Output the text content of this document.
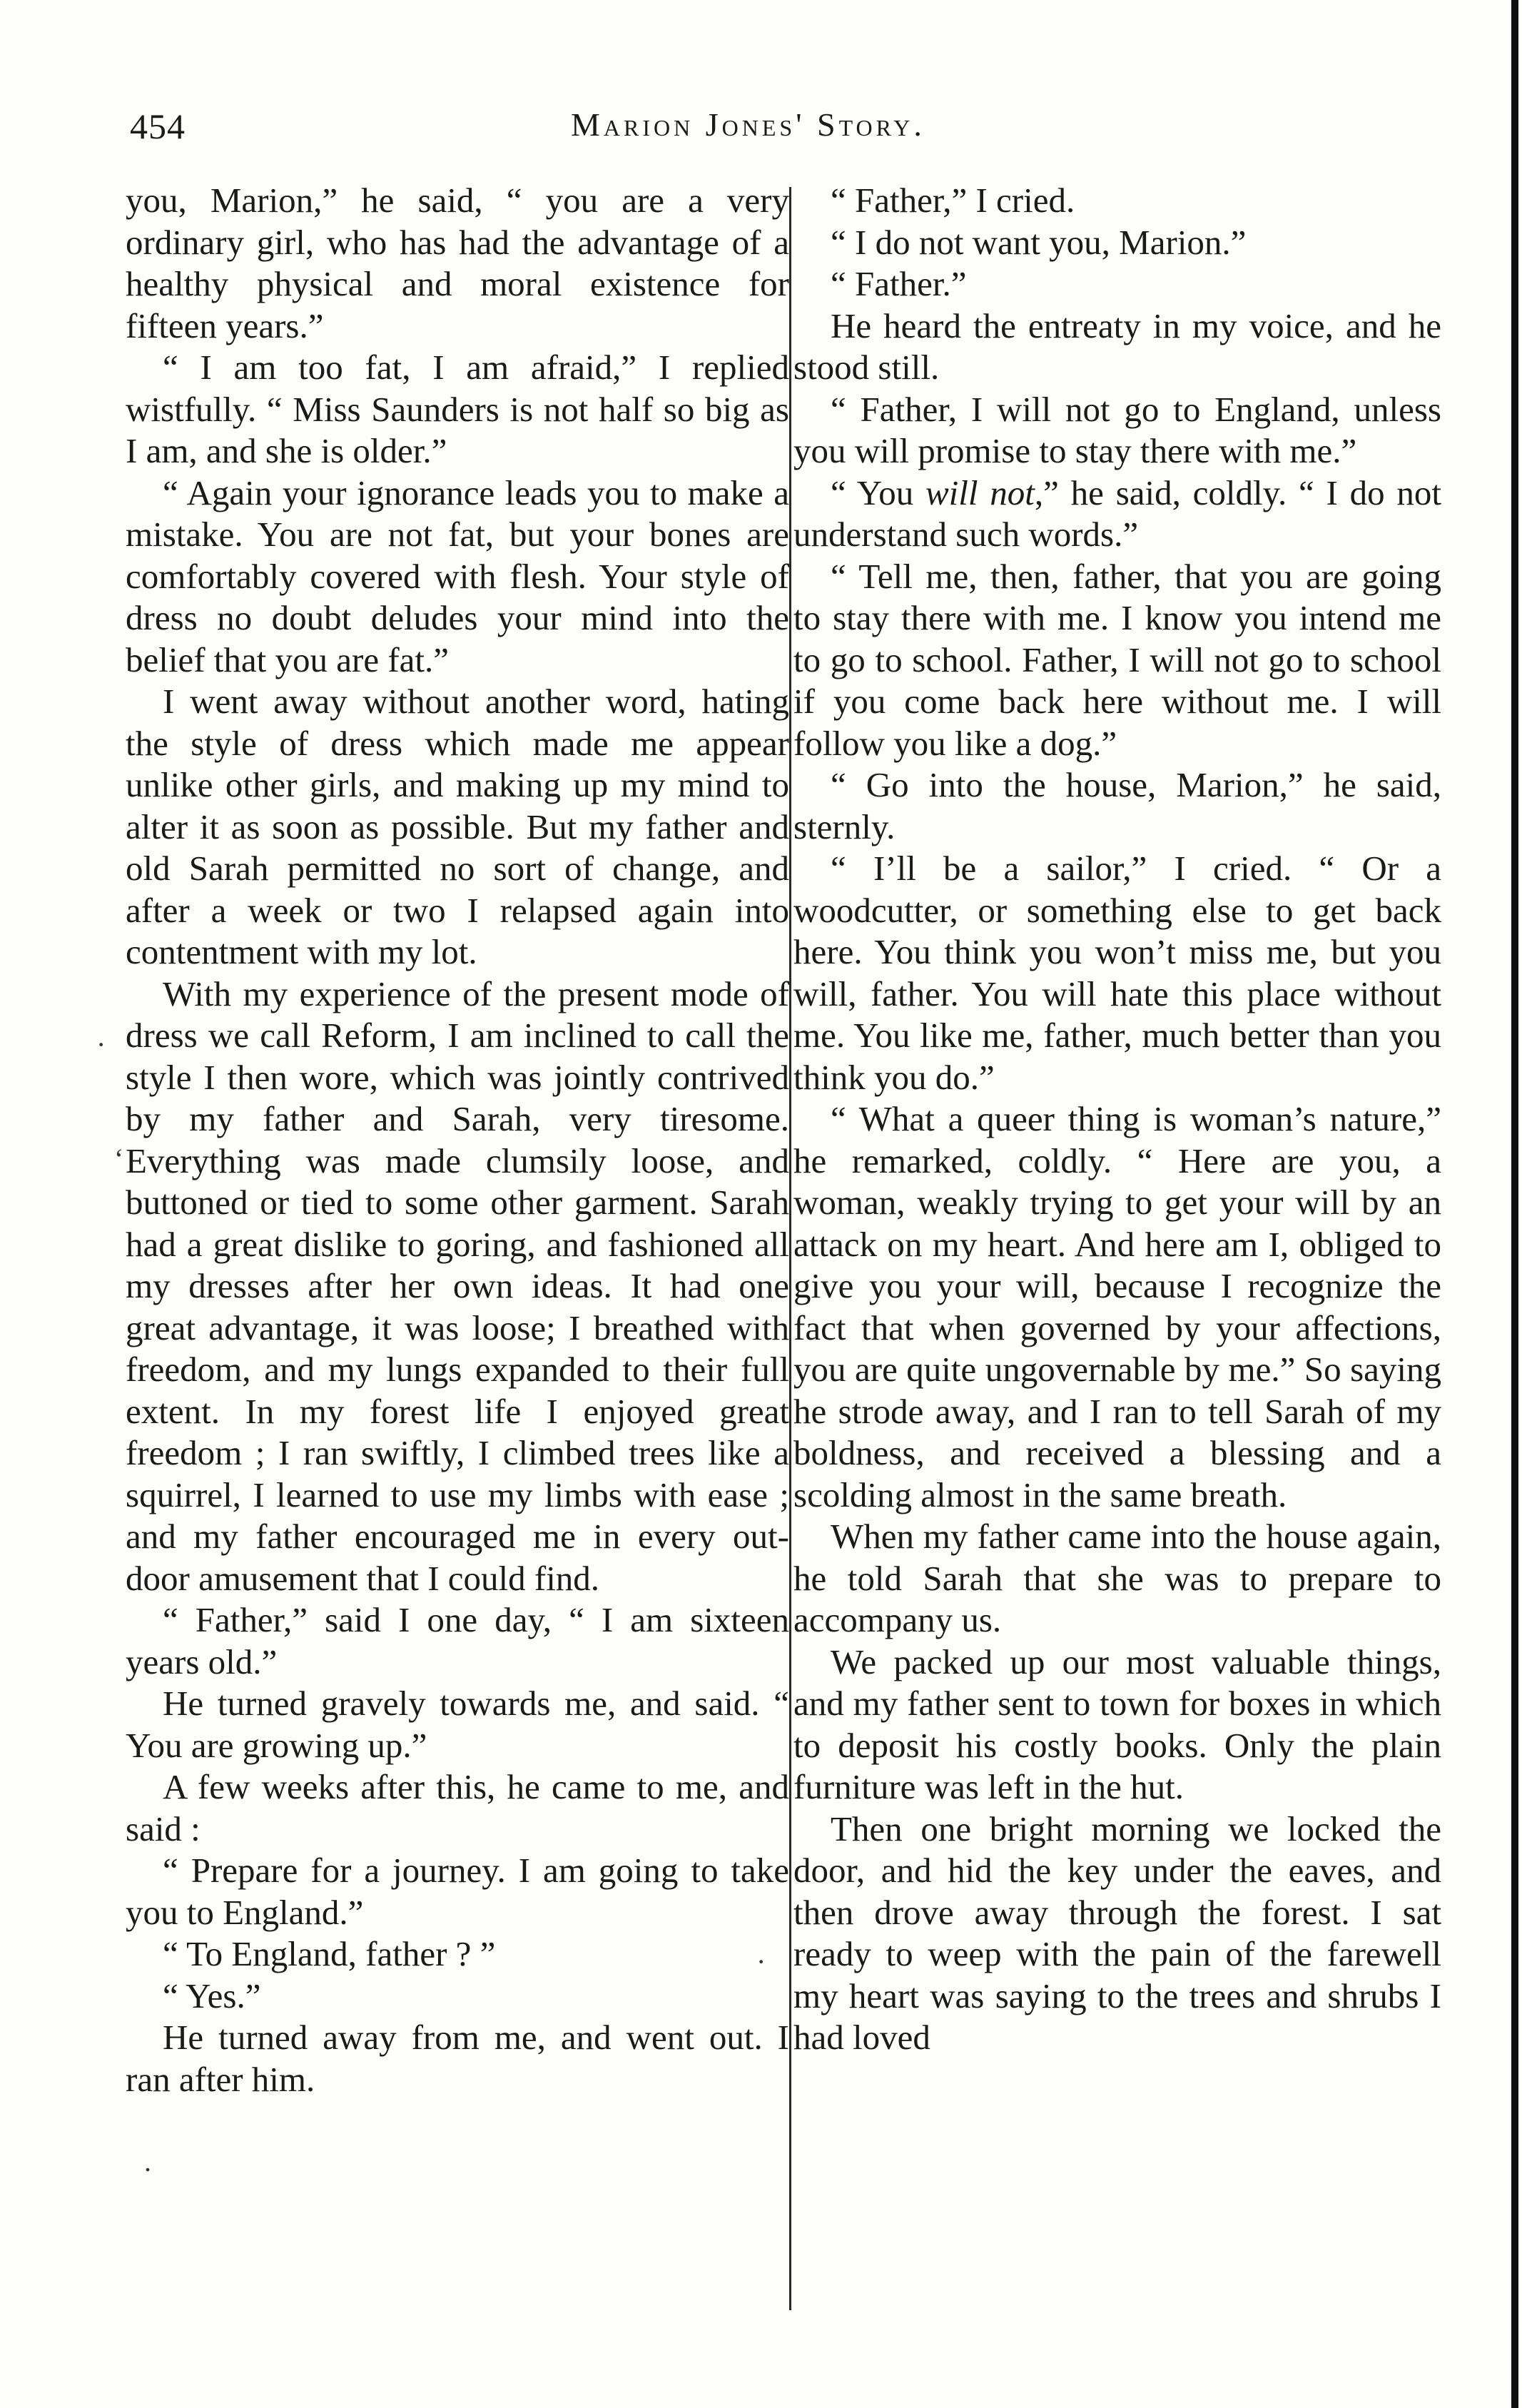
454	Marion Jones' Story.

you, Marion,” he said, “ you are a very ordinary girl, who has had the advantage of a healthy physical and moral existence for fifteen years.”

“ I am too fat, I am afraid,” I replied wistfully. “ Miss Saunders is not half so big as I am, and she is older.”

“ Again your ignorance leads you to make a mistake. You are not fat, but your bones are comfortably covered with flesh. Your style of dress no doubt deludes your mind into the belief that you are fat.”

I went away without another word, hating the style of dress which made me appear unlike other girls, and making up my mind to alter it as soon as possible. But my father and old Sarah permitted no sort of change, and after a week or two I relapsed again into contentment with my lot.

With my experience of the present mode of dress we call Reform, I am inclined to call the style I then wore, which was jointly contrived by my father and Sarah, very tiresome. Everything was made clumsily loose, and buttoned or tied to some other garment. Sarah had a great dislike to goring, and fashioned all my dresses after her own ideas. It had one great advantage, it was loose; I breathed with freedom, and my lungs expanded to their full extent. In my forest life I enjoyed great freedom ; I ran swiftly, I climbed trees like a squirrel, I learned to use my limbs with ease ; and my father encouraged me in every out-door amusement that I could find.

“ Father,” said I one day, “ I am sixteen years old.”

He turned gravely towards me, and said. “ You are growing up.”

A few weeks after this, he came to me, and said :

“ Prepare for a journey. I am going to take you to England.”

“ To England, father ? ”

“ Yes.”

He turned away from me, and went out. I ran after him.

“ Father,” I cried.

“ I do not want you, Marion.”

“ Father.”

He heard the entreaty in my voice, and he stood still.

“ Father, I will not go to England, unless you will promise to stay there with me.”

“ You will not,” he said, coldly. “ I do not understand such words.”

“ Tell me, then, father, that you are going to stay there with me. I know you intend me to go to school. Father, I will not go to school if you come back here without me. I will follow you like a dog.”

“ Go into the house, Marion,” he said, sternly.

“ I’ll be a sailor,” I cried. “ Or a woodcutter, or something else to get back here. You think you won’t miss me, but you will, father. You will hate this place without me. You like me, father, much better than you think you do.”

“ What a queer thing is woman’s nature,” he remarked, coldly. “ Here are you, a woman, weakly trying to get your will by an attack on my heart. And here am I, obliged to give you your will, because I recognize the fact that when governed by your affections, you are quite ungovernable by me.” So saying he strode away, and I ran to tell Sarah of my boldness, and received a blessing and a scolding almost in the same breath.

When my father came into the house again, he told Sarah that she was to prepare to accompany us.

We packed up our most valuable things, and my father sent to town for boxes in which to deposit his costly books. Only the plain furniture was left in the hut.

Then one bright morning we locked the door, and hid the key under the eaves, and then drove away through the forest. I sat ready to weep with the pain of the farewell my heart was saying to the trees and shrubs I had loved

·
ʻ
·
.
